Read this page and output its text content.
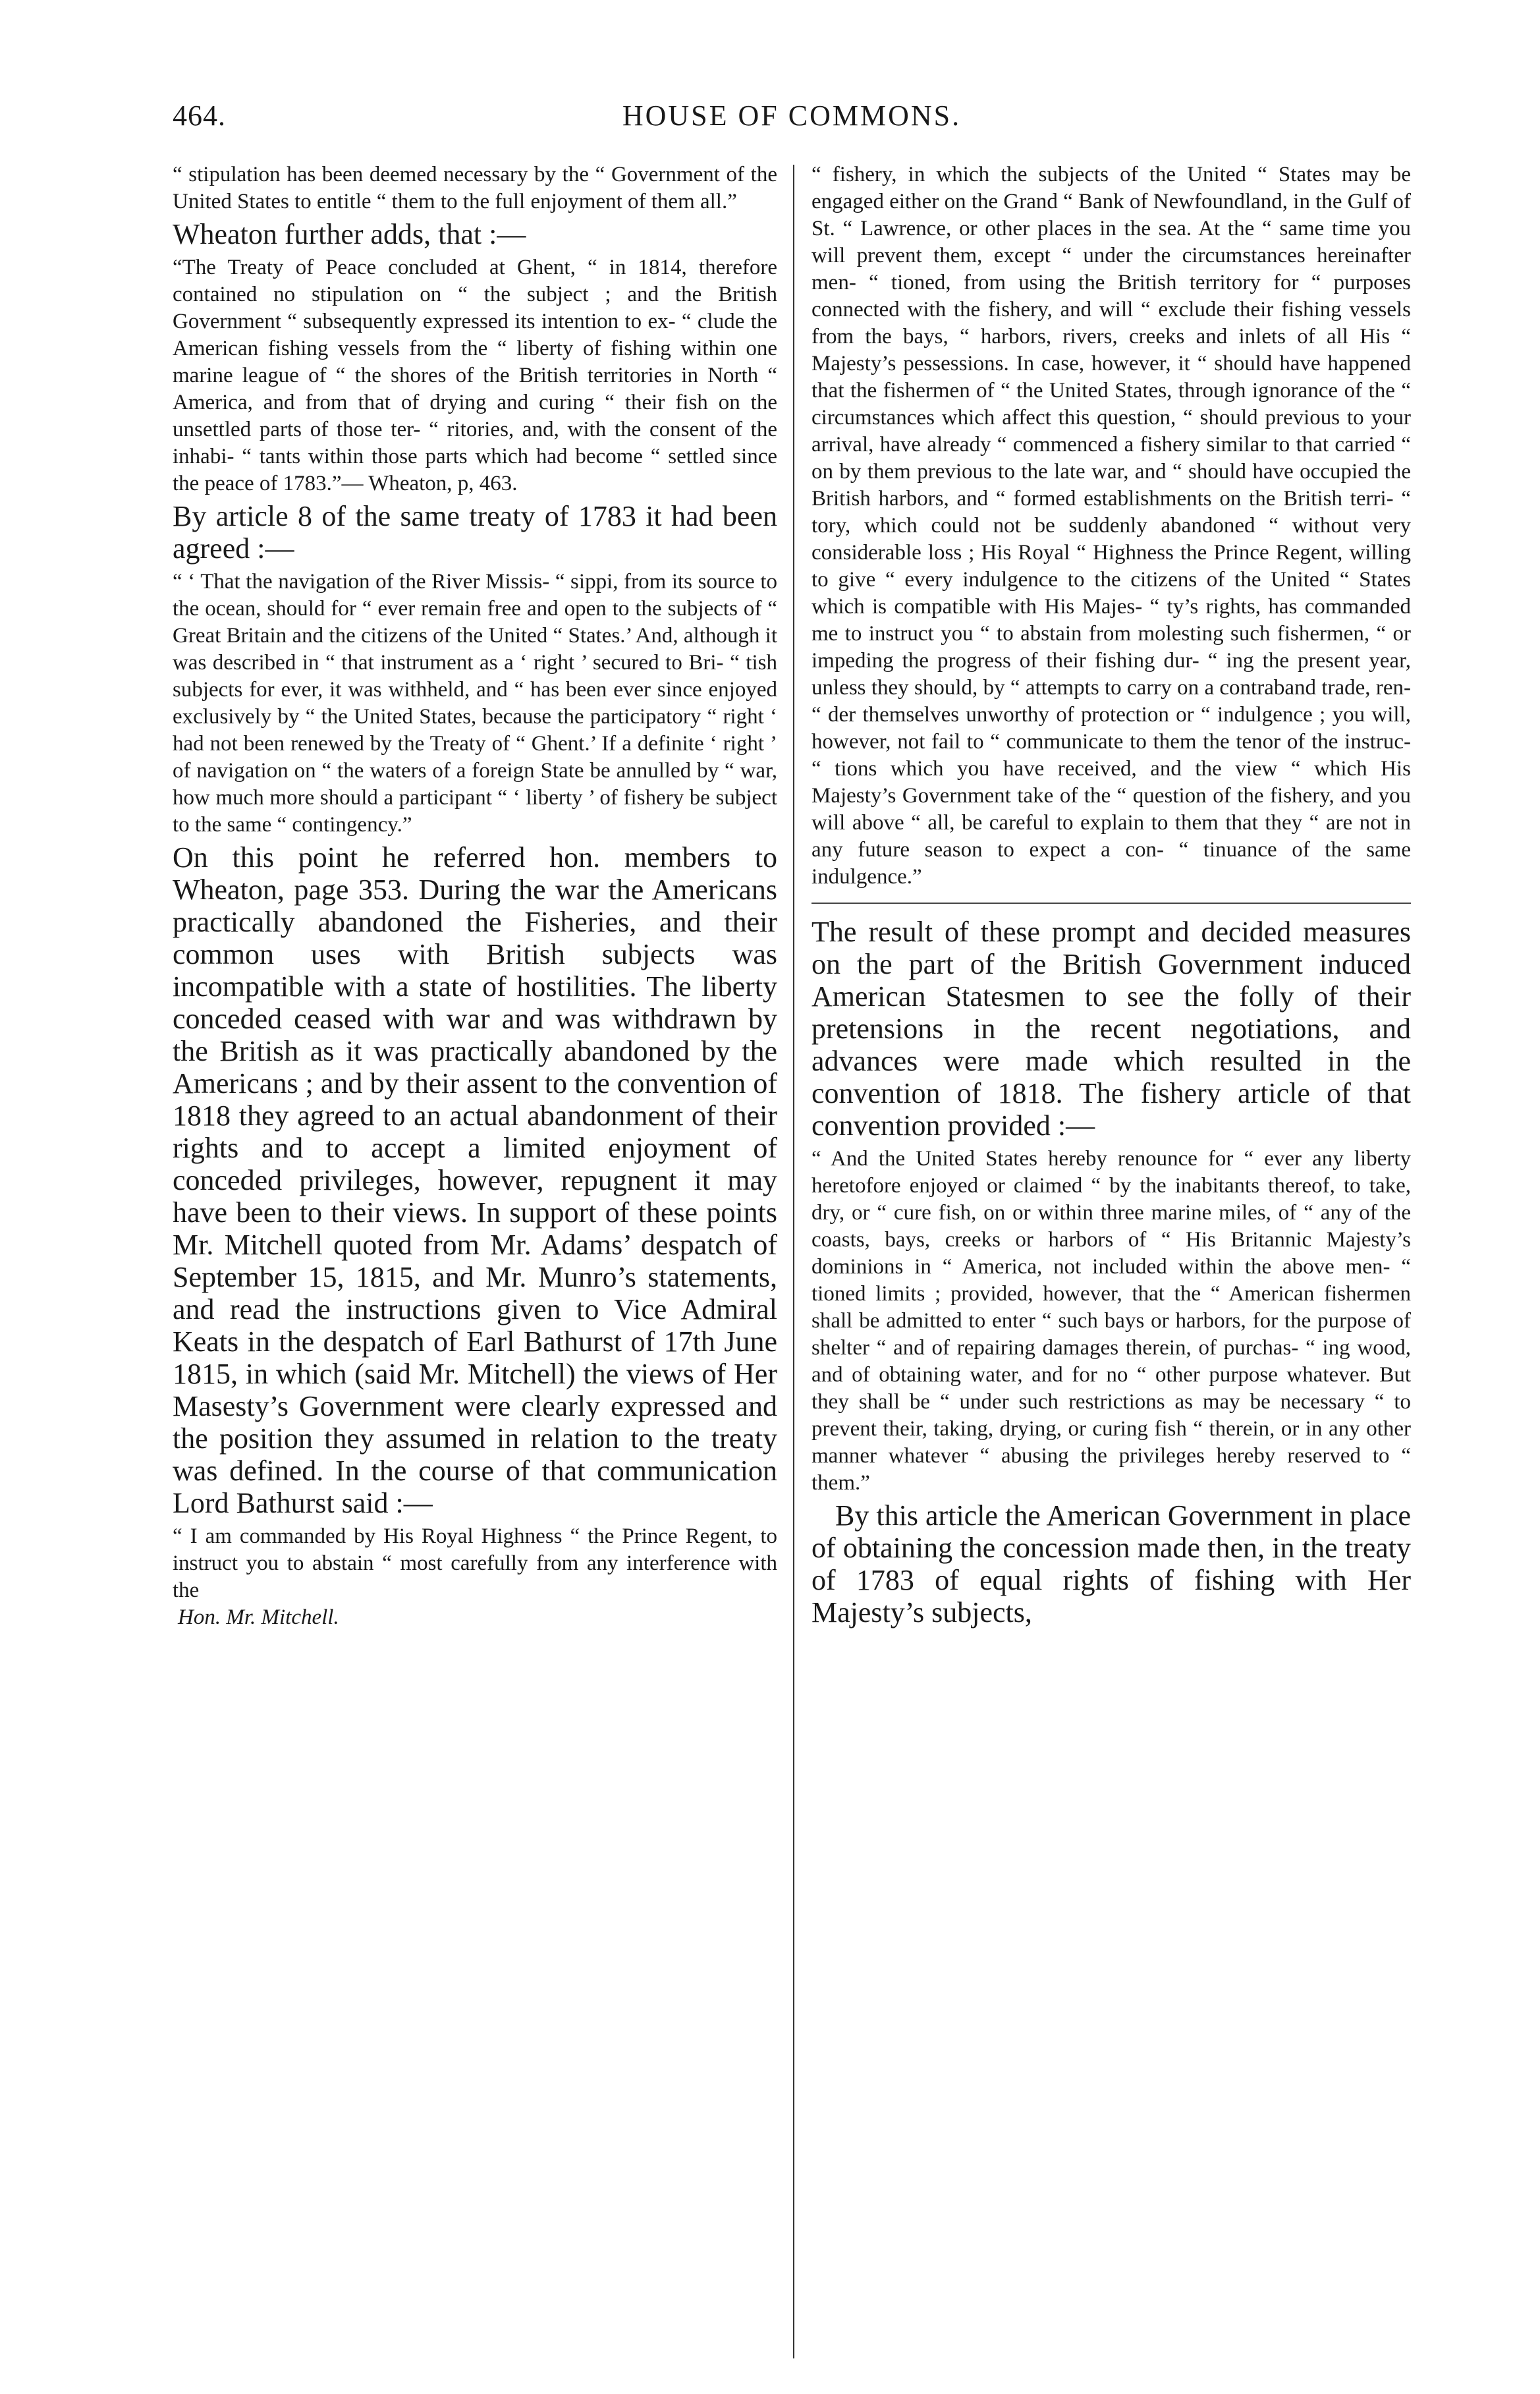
464.	HOUSE OF COMMONS.

“ stipulation has been deemed necessary by the “ Government of the United States to entitle “ them to the full enjoyment of them all.”

Wheaton further adds, that :—

“The Treaty of Peace concluded at Ghent, “ in 1814, therefore contained no stipulation on “ the subject ; and the British Government “ subsequently expressed its intention to ex- “ clude the American fishing vessels from the “ liberty of fishing within one marine league of “ the shores of the British territories in North “ America, and from that of drying and curing “ their fish on the unsettled parts of those ter- “ ritories, and, with the consent of the inhabi- “ tants within those parts which had become “ settled since the peace of 1783.”— Wheaton, p, 463.

By article 8 of the same treaty of 1783 it had been agreed :—

“ ‘ That the navigation of the River Missis- “ sippi, from its source to the ocean, should for “ ever remain free and open to the subjects of “ Great Britain and the citizens of the United “ States.’ And, although it was described in “ that instrument as a ‘ right ’ secured to Bri- “ tish subjects for ever, it was withheld, and “ has been ever since enjoyed exclusively by “ the United States, because the participatory “ right ‘ had not been renewed by the Treaty of “ Ghent.’ If a definite ‘ right ’ of navigation on “ the waters of a foreign State be annulled by “ war, how much more should a participant “ ‘ liberty ’ of fishery be subject to the same “ contingency.”

On this point he referred hon. members to Wheaton, page 353. During the war the Americans practically abandoned the Fisheries, and their common uses with British subjects was incompatible with a state of hostilities. The liberty conceded ceased with war and was withdrawn by the British as it was practically abandoned by the Americans ; and by their assent to the convention of 1818 they agreed to an actual abandonment of their rights and to accept a limited enjoyment of conceded privileges, however, repugnent it may have been to their views. In support of these points Mr. Mitchell quoted from Mr. Adams’ despatch of September 15, 1815, and Mr. Munro’s statements, and read the instructions given to Vice Admiral Keats in the despatch of Earl Bathurst of 17th June 1815, in which (said Mr. Mitchell) the views of Her Masesty’s Government were clearly expressed and the position they assumed in relation to the treaty was defined. In the course of that communication Lord Bathurst said :—

“ I am commanded by His Royal Highness “ the Prince Regent, to instruct you to abstain “ most carefully from any interference with the

Hon. Mr. Mitchell.

“ fishery, in which the subjects of the United “ States may be engaged either on the Grand “ Bank of Newfoundland, in the Gulf of St. “ Lawrence, or other places in the sea. At the “ same time you will prevent them, except “ under the circumstances hereinafter men- “ tioned, from using the British territory for “ purposes connected with the fishery, and will “ exclude their fishing vessels from the bays, “ harbors, rivers, creeks and inlets of all His “ Majesty’s pessessions. In case, however, it “ should have happened that the fishermen of “ the United States, through ignorance of the “ circumstances which affect this question, “ should previous to your arrival, have already “ commenced a fishery similar to that carried “ on by them previous to the late war, and “ should have occupied the British harbors, and “ formed establishments on the British terri- “ tory, which could not be suddenly abandoned “ without very considerable loss ; His Royal “ Highness the Prince Regent, willing to give “ every indulgence to the citizens of the United “ States which is compatible with His Majes- “ ty’s rights, has commanded me to instruct you “ to abstain from molesting such fishermen, “ or impeding the progress of their fishing dur- “ ing the present year, unless they should, by “ attempts to carry on a contraband trade, ren- “ der themselves unworthy of protection or “ indulgence ; you will, however, not fail to “ communicate to them the tenor of the instruc- “ tions which you have received, and the view “ which His Majesty’s Government take of the “ question of the fishery, and you will above “ all, be careful to explain to them that they “ are not in any future season to expect a con- “ tinuance of the same indulgence.”

The result of these prompt and decided measures on the part of the British Government induced American Statesmen to see the folly of their pretensions in the recent negotiations, and advances were made which resulted in the convention of 1818. The fishery article of that convention provided :—

“ And the United States hereby renounce for “ ever any liberty heretofore enjoyed or claimed “ by the inabitants thereof, to take, dry, or “ cure fish, on or within three marine miles, of “ any of the coasts, bays, creeks or harbors of “ His Britannic Majesty’s dominions in “ America, not included within the above men- “ tioned limits ; provided, however, that the “ American fishermen shall be admitted to enter “ such bays or harbors, for the purpose of shelter “ and of repairing damages therein, of purchas- “ ing wood, and of obtaining water, and for no “ other purpose whatever. But they shall be “ under such restrictions as may be necessary “ to prevent their, taking, drying, or curing fish “ therein, or in any other manner whatever “ abusing the privileges hereby reserved to “ them.”

By this article the American Government in place of obtaining the concession made then, in the treaty of 1783 of equal rights of fishing with Her Majesty’s subjects,
